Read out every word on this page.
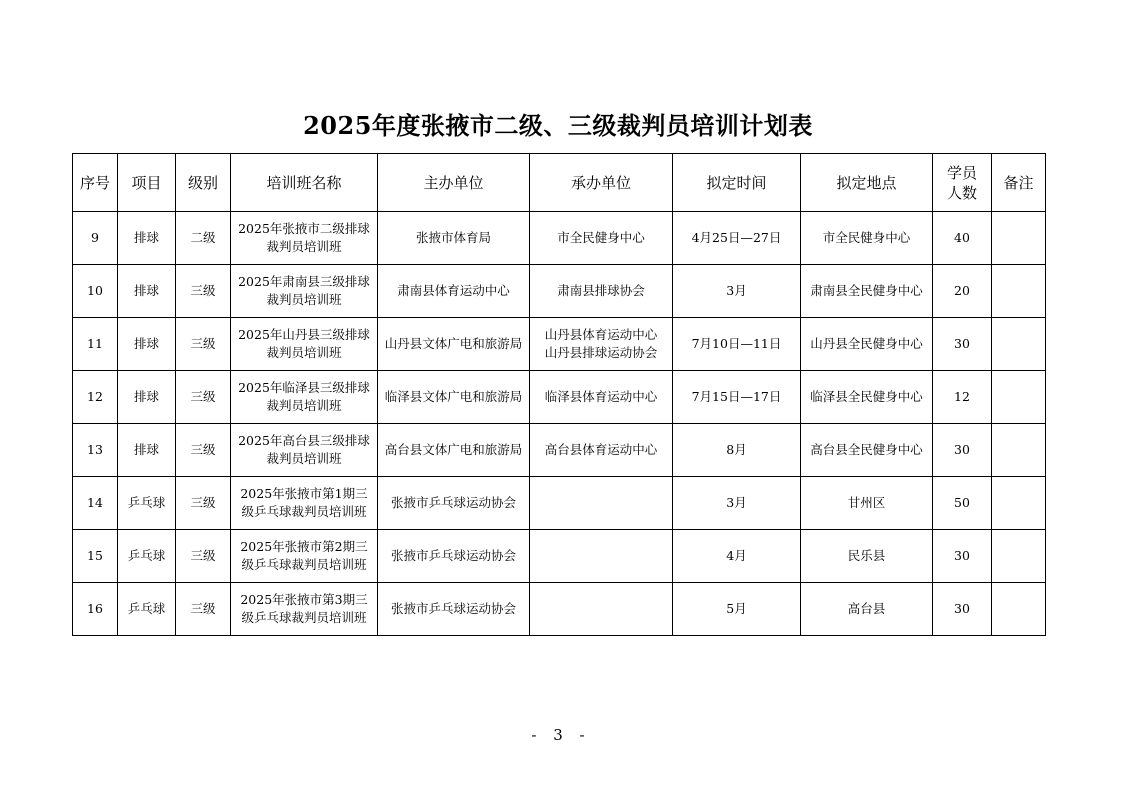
2025年度张掖市二级、三级裁判员培训计划表
序号	项目	级别	培训班名称	主办单位	承办单位	拟定时间	拟定地点	学员
人数	备注
9	排球	二级	2025年张掖市二级排球
裁判员培训班	张掖市体育局	市全民健身中心	4月25日—27日	市全民健身中心	40	
10	排球	三级	2025年肃南县三级排球
裁判员培训班	肃南县体育运动中心	肃南县排球协会	3月	肃南县全民健身中心	20	
11	排球	三级	2025年山丹县三级排球
裁判员培训班	山丹县文体广电和旅游局	山丹县体育运动中心
山丹县排球运动协会	7月10日—11日	山丹县全民健身中心	30	
12	排球	三级	2025年临泽县三级排球
裁判员培训班	临泽县文体广电和旅游局	临泽县体育运动中心	7月15日—17日	临泽县全民健身中心	12	
13	排球	三级	2025年高台县三级排球
裁判员培训班	高台县文体广电和旅游局	高台县体育运动中心	8月	高台县全民健身中心	30	
14	乒乓球	三级	2025年张掖市第1期三
级乒乓球裁判员培训班	张掖市乒乓球运动协会		3月	甘州区	50	
15	乒乓球	三级	2025年张掖市第2期三
级乒乓球裁判员培训班	张掖市乒乓球运动协会		4月	民乐县	30	
16	乒乓球	三级	2025年张掖市第3期三
级乒乓球裁判员培训班	张掖市乒乓球运动协会		5月	高台县	30	
- 3 -
